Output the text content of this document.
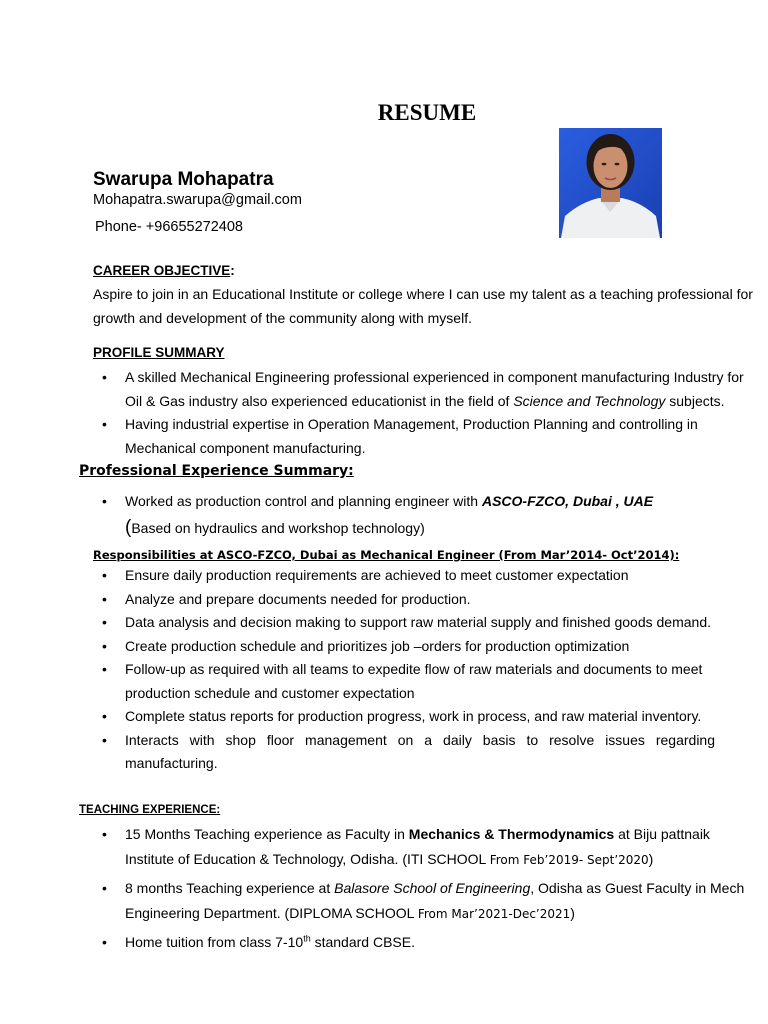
RESUME
Swarupa Mohapatra
Mohapatra.swarupa@gmail.com
Phone- +96655272408
CAREER OBJECTIVE:
Aspire to join in an Educational Institute or college where I can use my talent as a teaching professional for
growth and development of the community along with myself.
PROFILE SUMMARY
• A skilled Mechanical Engineering professional experienced in component manufacturing Industry for
Oil & Gas industry also experienced educationist in the field of Science and Technology subjects.
• Having industrial expertise in Operation Management, Production Planning and controlling in
Mechanical component manufacturing.
Professional Experience Summary:
• Worked as production control and planning engineer with ASCO-FZCO, Dubai , UAE
(Based on hydraulics and workshop technology)
Responsibilities at ASCO-FZCO, Dubai as Mechanical Engineer (From Mar’2014- Oct’2014):
• Ensure daily production requirements are achieved to meet customer expectation
• Analyze and prepare documents needed for production.
• Data analysis and decision making to support raw material supply and finished goods demand.
• Create production schedule and prioritizes job –orders for production optimization
• Follow-up as required with all teams to expedite flow of raw materials and documents to meet
production schedule and customer expectation
• Complete status reports for production progress, work in process, and raw material inventory.
• Interacts with shop floor management on a daily basis to resolve issues regarding
manufacturing.
TEACHING EXPERIENCE:
• 15 Months Teaching experience as Faculty in Mechanics & Thermodynamics at Biju pattnaik
Institute of Education & Technology, Odisha. (ITI SCHOOL From Feb’2019- Sept’2020)
• 8 months Teaching experience at Balasore School of Engineering, Odisha as Guest Faculty in Mech
Engineering Department. (DIPLOMA SCHOOL From Mar’2021-Dec’2021)
• Home tuition from class 7-10th standard CBSE.
